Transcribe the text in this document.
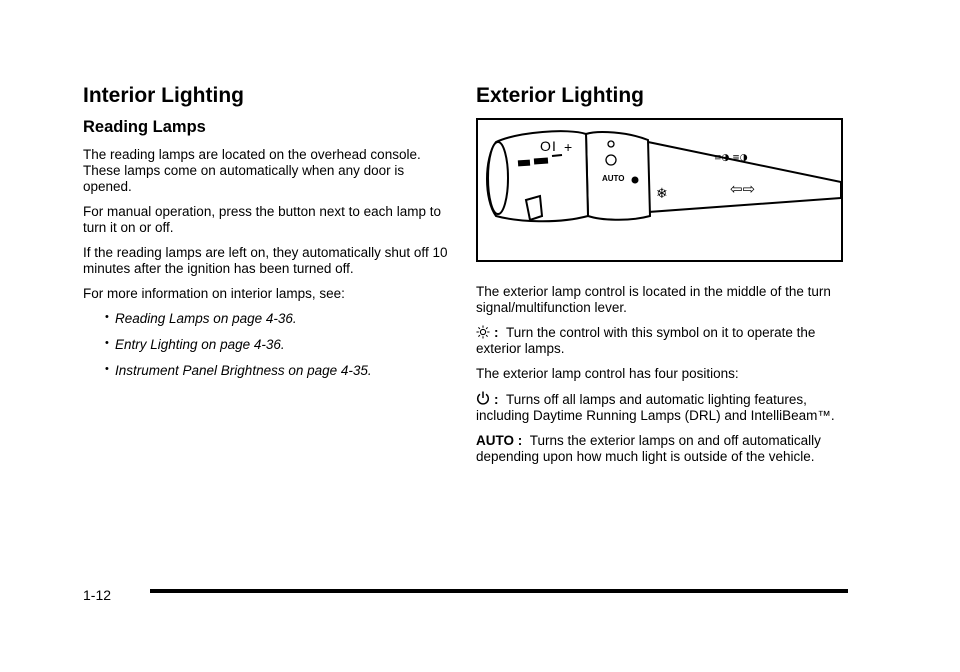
Interior Lighting
Reading Lamps

The reading lamps are located on the overhead console. These lamps come on automatically when any door is opened.

For manual operation, press the button next to each lamp to turn it on or off.

If the reading lamps are left on, they automatically shut off 10 minutes after the ignition has been turned off.

For more information on interior lamps, see:

• Reading Lamps on page 4-36.
• Entry Lighting on page 4-36.
• Instrument Panel Brightness on page 4-35.
Exterior Lighting
O I +
AUTO
❄	⇦⇨
≡◑ ≡◑

The exterior lamp control is located in the middle of the turn signal/multifunction lever.

: Turn the control with this symbol on it to operate the exterior lamps.

The exterior lamp control has four positions:

: Turns off all lamps and automatic lighting features, including Daytime Running Lamps (DRL) and IntelliBeam™.

AUTO : Turns the exterior lamps on and off automatically depending upon how much light is outside of the vehicle.

1-12
